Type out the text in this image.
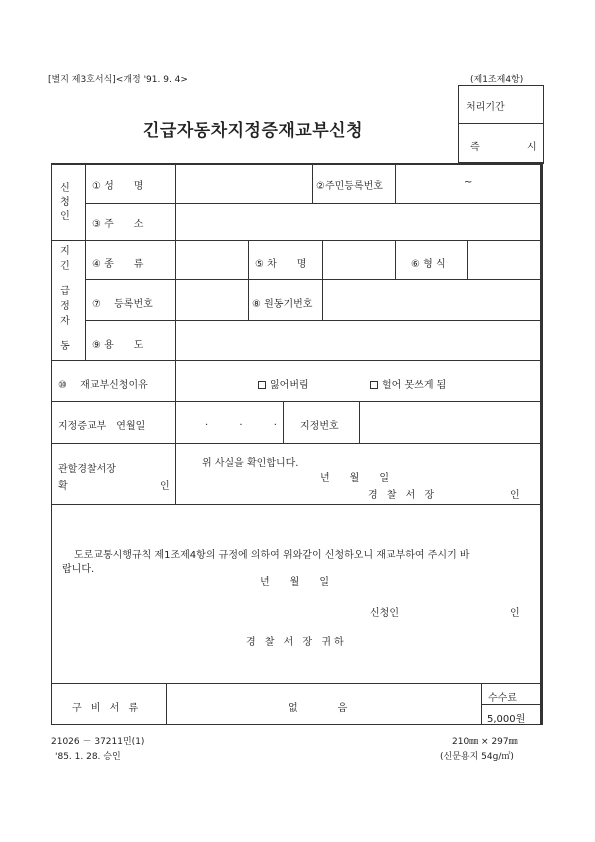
[별지 제3호서식]<개정 '91. 9. 4>	(제1조제4항)
긴급자동차지정증재교부신청
처리기간
즉	시
신청인
① 성　　명	②주민등록번호	~
③ 주　　소
지
긴
급
정
자
동
④ 종　　류	⑤ 차　　명	⑥ 형 식
⑦ 　등록번호	⑧ 원동기번호
⑨ 용　　도
⑩ 　재교부신청이유	잃어버림	헐어 못쓰게 됨
지정증교부　연월일	. . . 지정번호
관할경찰서장
확	인
위 사실을 확인합니다.
년　　월　　일
경 찰 서 장	인
도로교통시행규칙 제1조제4항의 규정에 의하여 위와같이 신청하오니 재교부하여 주시기 바
랍니다.
년　　월　　일
신청인	인
경 찰 서 장 귀하
구 비 서 류	없　　　　음
수수료
5,000원
21026 － 37211민(1)	210㎜ × 297㎜
'85. 1. 28. 승인	(신문용지 54g/㎡)
